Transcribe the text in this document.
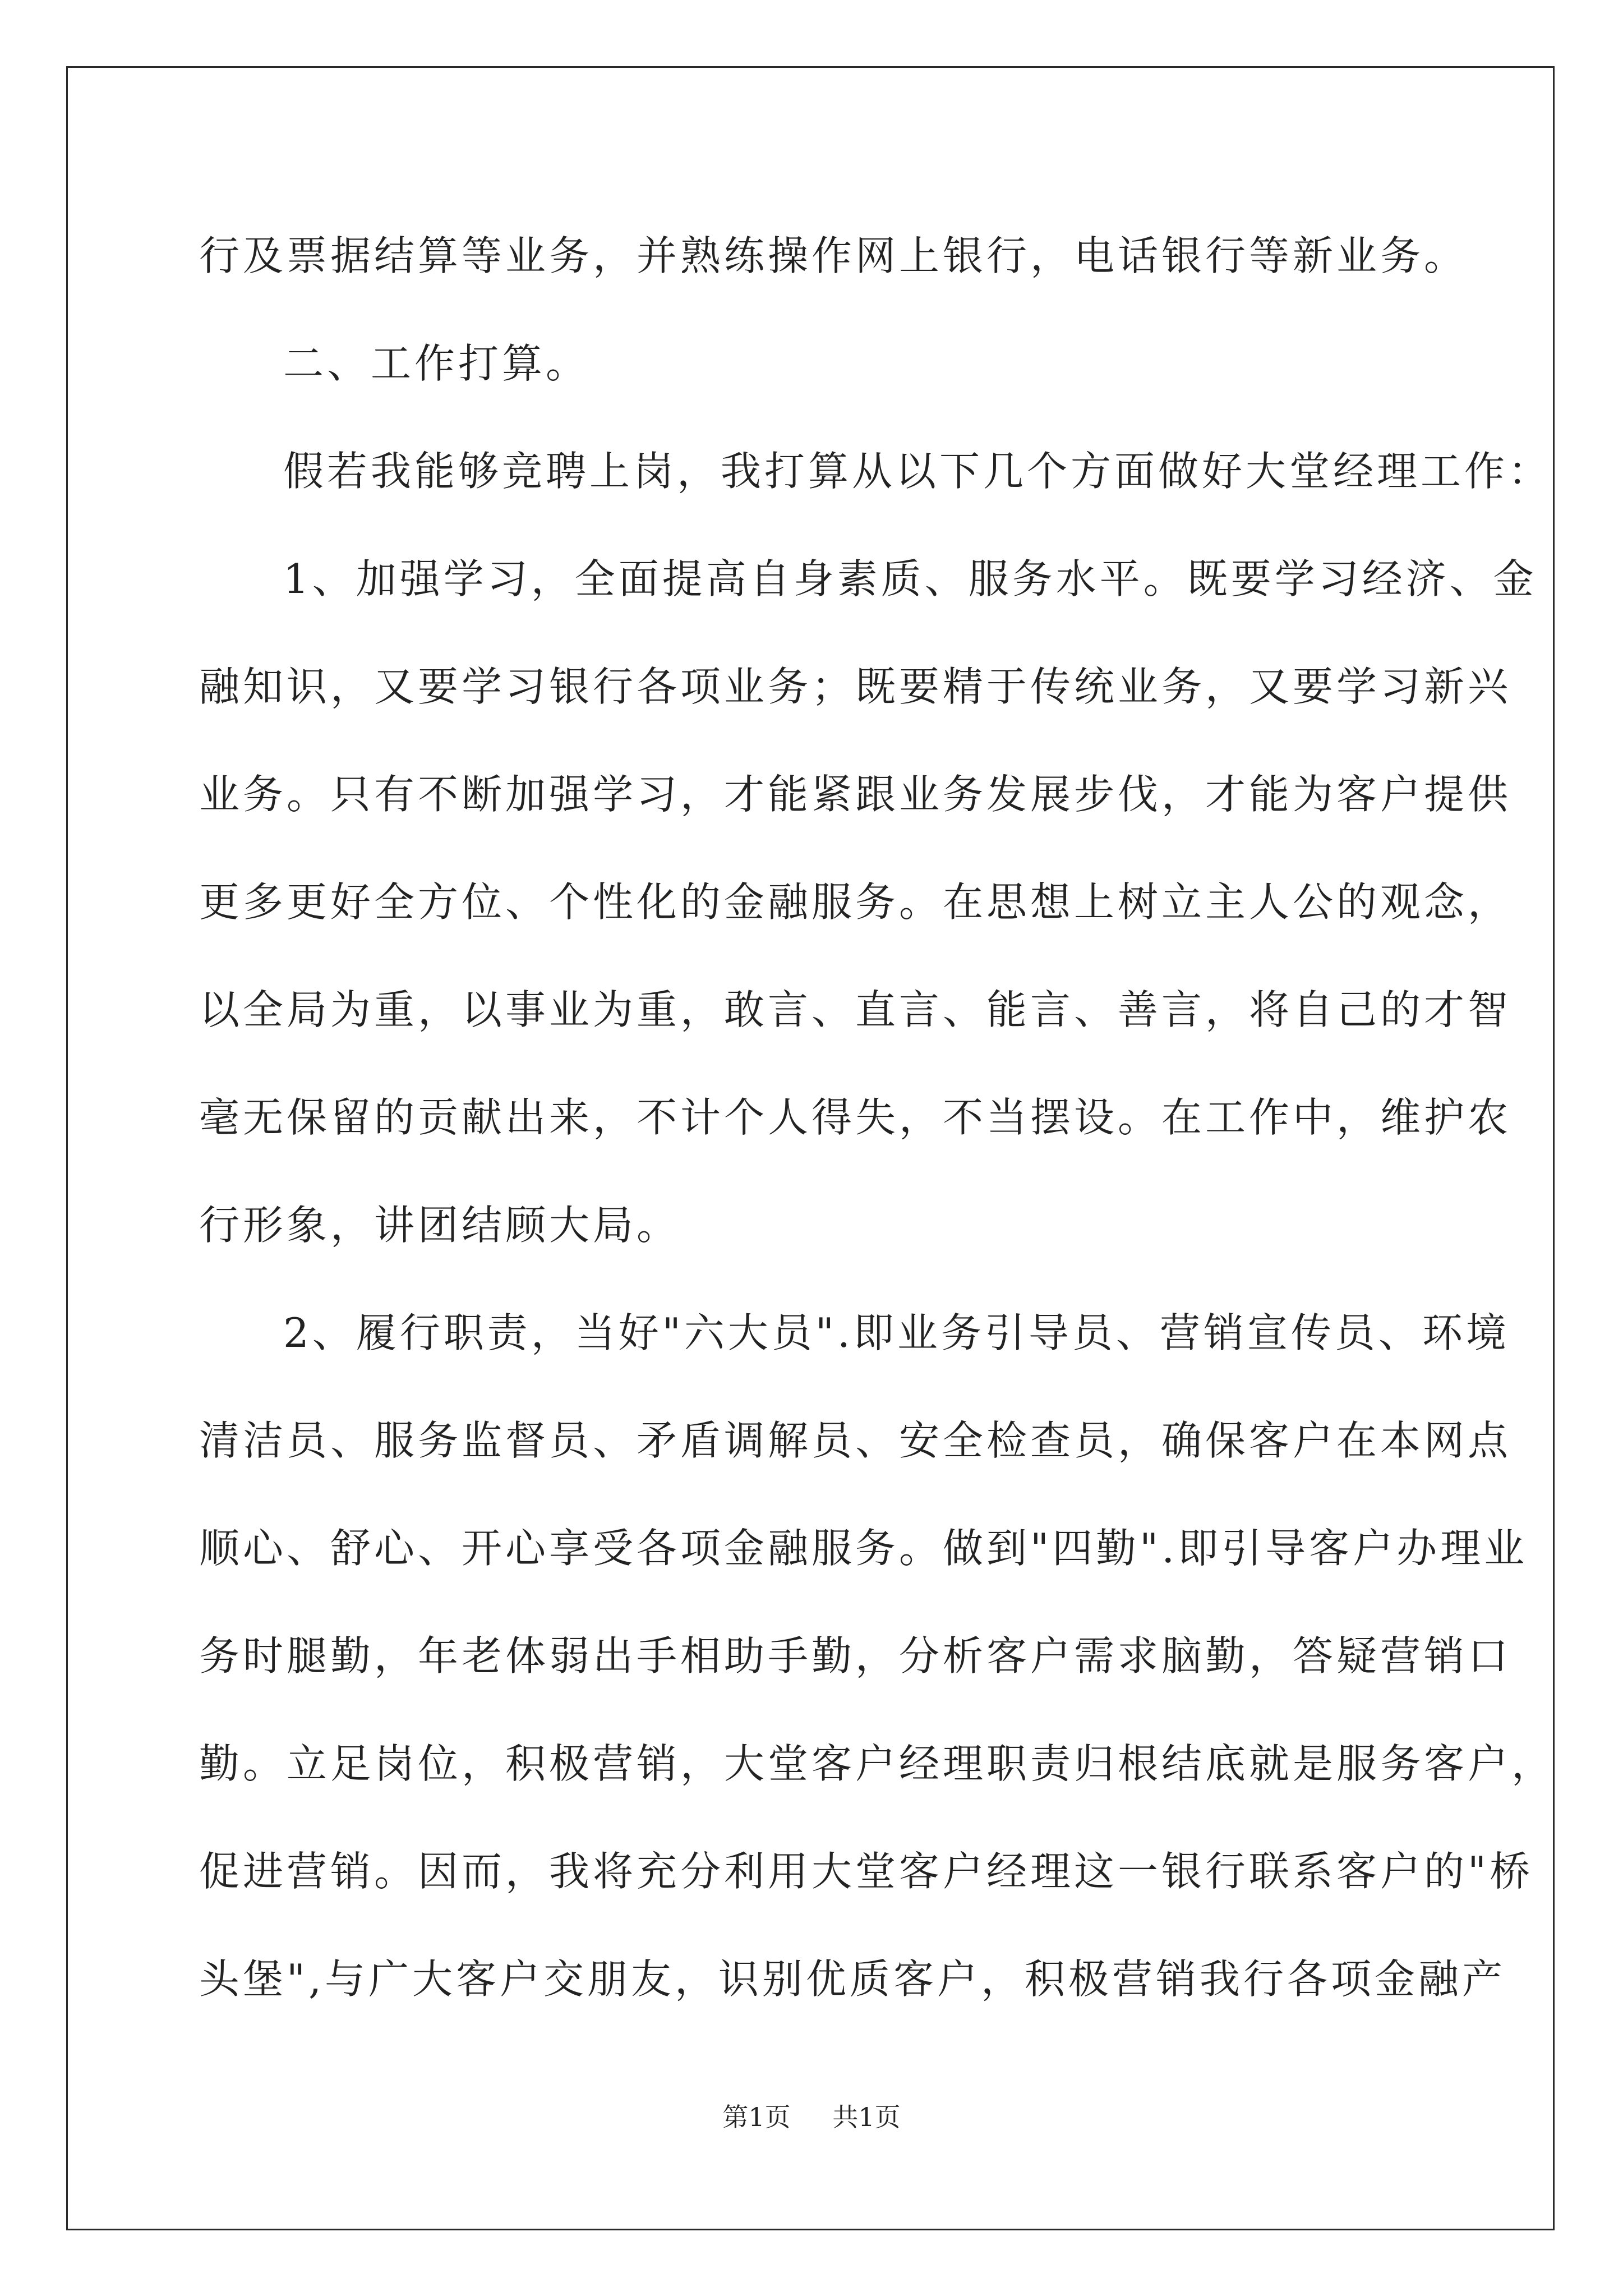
行及票据结算等业务，并熟练操作网上银行，电话银行等新业务。
二、工作打算。
假若我能够竞聘上岗，我打算从以下几个方面做好大堂经理工作：
1、加强学习，全面提高自身素质、服务水平。既要学习经济、金
融知识，又要学习银行各项业务；既要精于传统业务，又要学习新兴
业务。只有不断加强学习，才能紧跟业务发展步伐，才能为客户提供
更多更好全方位、个性化的金融服务。在思想上树立主人公的观念，
以全局为重，以事业为重，敢言、直言、能言、善言，将自己的才智
毫无保留的贡献出来，不计个人得失，不当摆设。在工作中，维护农
行形象，讲团结顾大局。
2、履行职责，当好"六大员".即业务引导员、营销宣传员、环境
清洁员、服务监督员、矛盾调解员、安全检查员，确保客户在本网点
顺心、舒心、开心享受各项金融服务。做到"四勤".即引导客户办理业
务时腿勤，年老体弱出手相助手勤，分析客户需求脑勤，答疑营销口
勤。立足岗位，积极营销，大堂客户经理职责归根结底就是服务客户，
促进营销。因而，我将充分利用大堂客户经理这一银行联系客户的"桥
头堡",与广大客户交朋友，识别优质客户，积极营销我行各项金融产
第1页 共1页
